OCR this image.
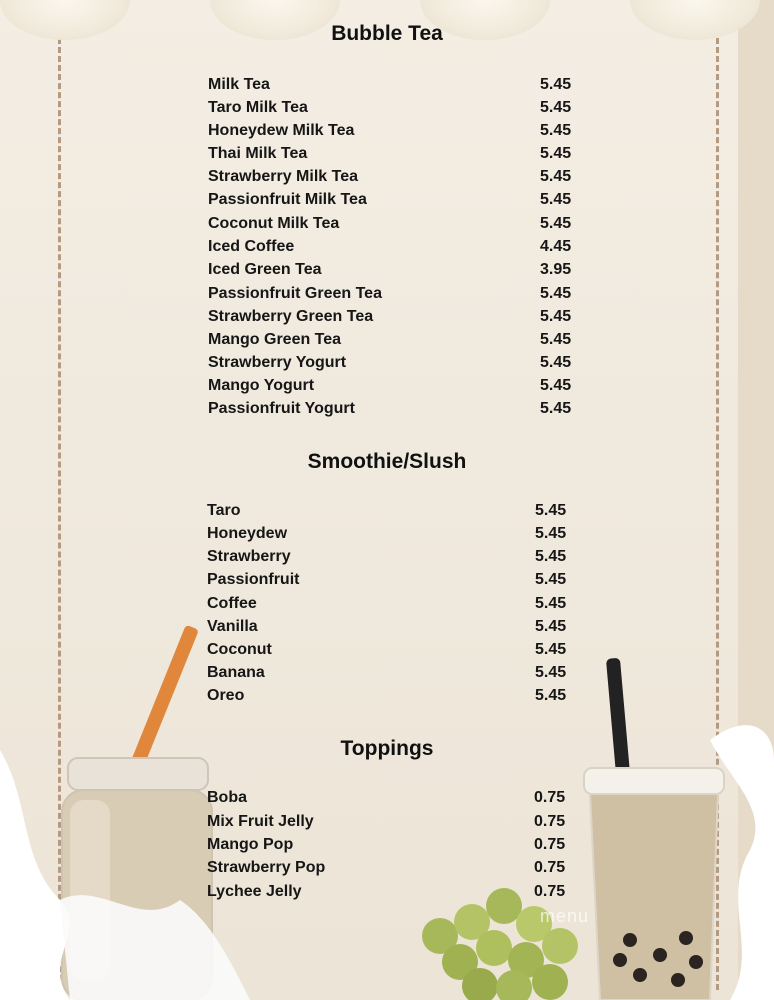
menu
Bubble Tea
Milk Tea	5.45
Taro Milk Tea	5.45
Honeydew Milk Tea	5.45
Thai Milk Tea	5.45
Strawberry Milk Tea	5.45
Passionfruit Milk Tea	5.45
Coconut Milk Tea	5.45
Iced Coffee	4.45
Iced Green Tea	3.95
Passionfruit Green Tea	5.45
Strawberry Green Tea	5.45
Mango Green Tea	5.45
Strawberry Yogurt	5.45
Mango Yogurt	5.45
Passionfruit Yogurt	5.45
Smoothie/Slush
Taro	5.45
Honeydew	5.45
Strawberry	5.45
Passionfruit	5.45
Coffee	5.45
Vanilla	5.45
Coconut	5.45
Banana	5.45
Oreo	5.45
Toppings
Boba	0.75
Mix Fruit Jelly	0.75
Mango Pop	0.75
Strawberry Pop	0.75
Lychee Jelly	0.75
